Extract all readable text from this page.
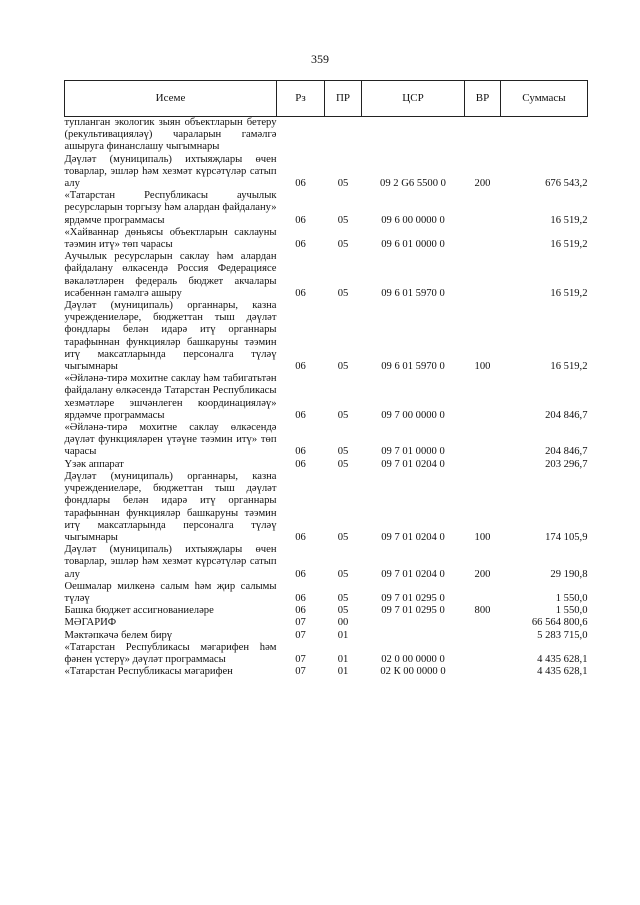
359
Исеме	Рз	ПР	ЦСР	ВР	Суммасы
туплангaн экологик зыян объектларын бетеру (рекультивацияләү) чараларын гамәлгә ашыруга финанслашу чыгымнары					
Дәүләт (муниципаль) ихтыяҗлары өчен товарлар, эшләр һәм хезмәт күрсәтүләр сатып алу	06	05	09 2 G6 5500 0	200	676 543,2
«Татарстан Республикасы аучылык ресурсларын торгызу һәм алардан файдалану» ярдәмче программасы	06	05	09 6 00 0000 0		16 519,2
«Хайваннар дөньясы объектларын саклауны тәэмин итү» төп чарасы	06	05	09 6 01 0000 0		16 519,2
Аучылык ресурсларын саклау һәм алардан файдалану өлкәсендә Россия Федерациясе вәкаләтләрен федераль бюджет акчалары исәбеннән гамәлгә ашыру	06	05	09 6 01 5970 0		16 519,2
Дәүләт (муниципаль) органнары, казна учреждениеләре, бюджеттан тыш дәүләт фондлары белән идарә итү органнары тарафыннан функцияләр башкаруны тәэмин итү максатларында персоналга түләү чыгымнары	06	05	09 6 01 5970 0	100	16 519,2
«Әйләнә-тирә мохитне саклау һәм табигатьтән файдалану өлкәсендә Татарстан Республикасы хезмәтләре эшчәнлеген координацияләү» ярдәмче программасы	06	05	09 7 00 0000 0		204 846,7
«Әйләнә-тирә мохитне саклау өлкәсендә дәүләт функцияләрен үтәүне тәэмин итү» төп чарасы	06	05	09 7 01 0000 0		204 846,7
Үзәк аппарат	06	05	09 7 01 0204 0		203 296,7
Дәүләт (муниципаль) органнары, казна учреждениеләре, бюджеттан тыш дәүләт фондлары белән идарә итү органнары тарафыннан функцияләр башкаруны тәэмин итү максатларында персоналга түләү чыгымнары	06	05	09 7 01 0204 0	100	174 105,9
Дәүләт (муниципаль) ихтыяҗлары өчен товарлар, эшләр һәм хезмәт күрсәтүләр сатып алу	06	05	09 7 01 0204 0	200	29 190,8
Оешмалар милкенә салым һәм җир салымы түләү	06	05	09 7 01 0295 0		1 550,0
Башка бюджет ассигнованиеләре	06	05	09 7 01 0295 0	800	1 550,0
МӘГАРИФ	07	00			66 564 800,6
Мәктәпкәчә белем бирү	07	01			5 283 715,0
«Татарстан Республикасы мәгарифен һәм фәнен үстерү» дәүләт программасы	07	01	02 0 00 0000 0		4 435 628,1
«Татарстан Республикасы мәгарифен	07	01	02 К 00 0000 0		4 435 628,1
